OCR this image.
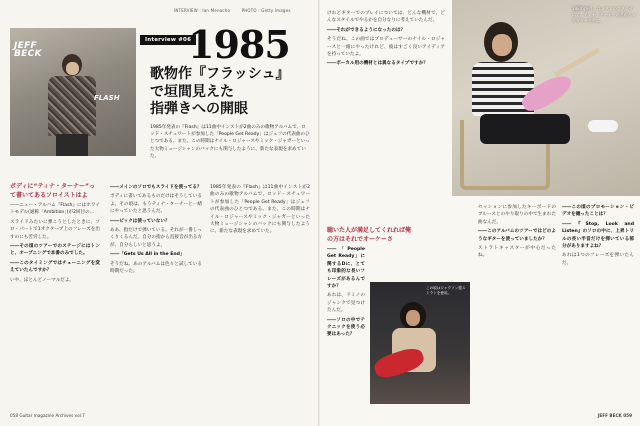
INTERVIEW : Ian Menacho	PHOTO : Getty Images
JEFF
BECK
FLASH
Interview #06
1985
歌物作『フラッシュ』
で垣間見えた
指弾きへの開眼
1985年発表の『Flash』は11曲中インストが2曲のみの歌物アルバムで、ロッド・スチュワートが参加した「People Get Ready」はジェフの代表曲のひとつである。また、この時期はナイル・ロジャースやミック・ジャガーといった大物ミュージシャンのバックにも関与したように、新たな表現を求めていた。
ボディに“ティナ・ターナー”って書いてあるソロイストはよ
――ニュー・アルバム『Flash』にはホワイトモデル(通称「Ambition」)が2回目の…
スライドみたいに弾こうとしたときに、ソロ・パートで1オクターブ上のフレーズを出すのにも苦労した。
――その頃のツアーでのステージにはトンと、オープニングで本番のみでした。
――このタイミングではチューニングを変えていたんですか？
いや、ほとんどノーマルだよ。
――メインのソロでもスライドを使ってる？
ボディに書いてあるものだけはそうしているよ。その頃は、もうティナ・ターナーと一緒にやっていたと思うんだ。
――ピックは使っていない？
ああ、指だけで弾いている。それが一番しっくりくるんだ。自分の指から直接音が出る方が、自分らしいと思うよ。
――「Gets Us All in the End」
そうだね。あのアルバムは色々と試している時期だった。
1985年発表の『Flash』は11曲中インストが2曲のみの歌物アルバムで、ロッド・スチュワートが参加した「People Get Ready」はジェフの代表曲のひとつである。また、この時期はナイル・ロジャースやミック・ジャガーといった大物ミュージシャンのバックにも関与したように、新たな表現を求めていた。
058 Guitar magazine Archives vol.7
けれどギターでのプレイについては、どんな機材で、どんなスタイルでやるかを自分なりに考えていたんだ。
――それができるようになったのは？
そうだね、この曲ではプロデューサーのナイル・ロジャースと一緒にやったけれど、彼はすごく良いアイディアを持っていたよ。
――ボーカル用の機材とは異なるタイプですか？
1984年9月、ロンドンのスタジオにて。ティナ・ターナーの名が入ったギターを手に。
聴いた人が満足してくれれば俺の方はそれでオーケーさ
――「People Get Ready」に関するDに、とても印象的な長いフレーズがあるんですか？
あれは、ドミノのジャンクで見つけたんだ。
――ソロの中でテクニックを使う必要はあった？
この頃はジャクソン製ストラトを使用。
セッションに参加したキーボードのブルースとのやり取りの中で生まれた曲なんだ。
――このアルバムのツアーではどのようなギターを使っていましたか？
ストラトキャスターが中心だったね。
――この頃のプロモーション・ビデオを撮ったことは？
――『Stop, Look and Listen』のソロの中に、上昇トリルの長い半音だけを弾いている部分がありますよね？
あれは1つのフレーズを弾いたんだ。
JEFF BECK 059
